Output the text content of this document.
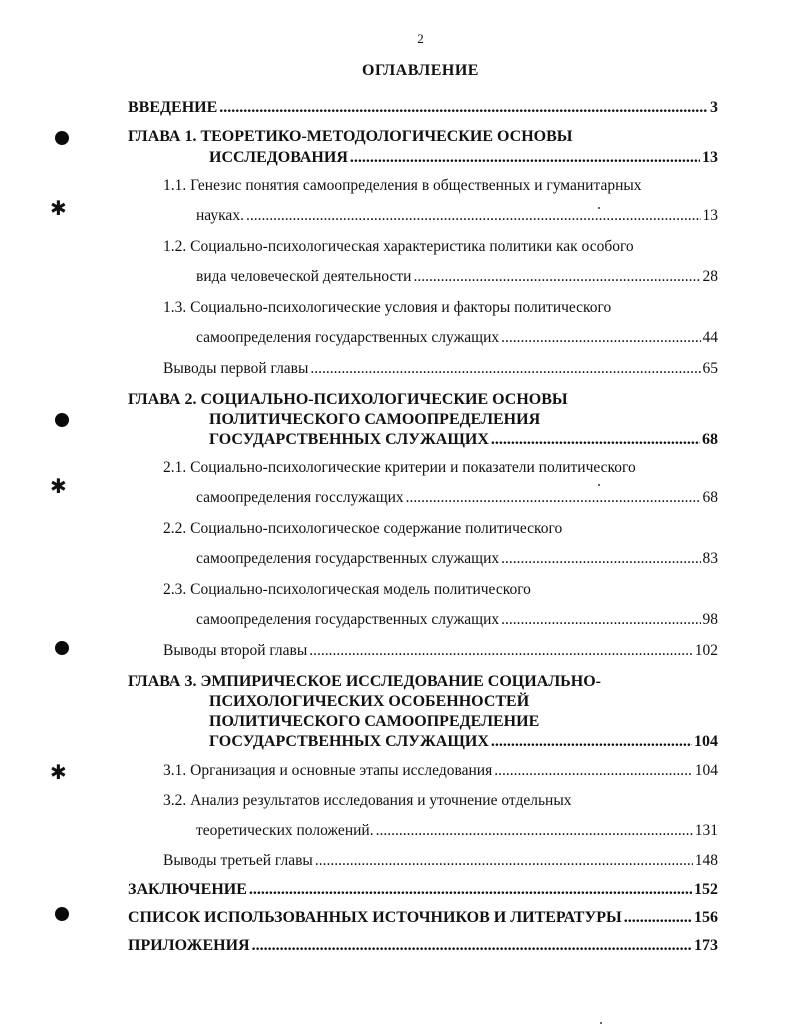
✱
✱
✱
2
ОГЛАВЛЕНИЕ
ВВЕДЕНИЕ .....	3
ГЛАВА 1. ТЕОРЕТИКО-МЕТОДОЛОГИЧЕСКИЕ ОСНОВЫ
ИССЛЕДОВАНИЯ .....	13
1.1. Генезис понятия самоопределения в общественных и гуманитарных
науках. .....	13
1.2. Социально-психологическая характеристика политики как особого
вида человеческой деятельности .....	28
1.3. Социально-психологические условия и факторы политического
самоопределения государственных служащих .....	44
Выводы первой главы .....	65
ГЛАВА 2. СОЦИАЛЬНО-ПСИХОЛОГИЧЕСКИЕ ОСНОВЫ
ПОЛИТИЧЕСКОГО САМООПРЕДЕЛЕНИЯ
ГОСУДАРСТВЕННЫХ СЛУЖАЩИХ .....	68
2.1. Социально-психологические критерии и показатели политического
самоопределения госслужащих .....	68
2.2. Социально-психологическое содержание политического
самоопределения государственных служащих .....	83
2.3. Социально-психологическая модель политического
самоопределения государственных служащих .....	98
Выводы второй главы .....	102
ГЛАВА 3. ЭМПИРИЧЕСКОЕ ИССЛЕДОВАНИЕ СОЦИАЛЬНО-
ПСИХОЛОГИЧЕСКИХ ОСОБЕННОСТЕЙ
ПОЛИТИЧЕСКОГО САМООПРЕДЕЛЕНИЕ
ГОСУДАРСТВЕННЫХ СЛУЖАЩИХ .....	104
3.1. Организация и основные этапы исследования .....	104
3.2. Анализ результатов исследования и уточнение отдельных
теоретических положений. .....	131
Выводы третьей главы .....	148
ЗАКЛЮЧЕНИЕ .....	152
СПИСОК ИСПОЛЬЗОВАННЫХ ИСТОЧНИКОВ И ЛИТЕРАТУРЫ .....	156
ПРИЛОЖЕНИЯ .....	173
